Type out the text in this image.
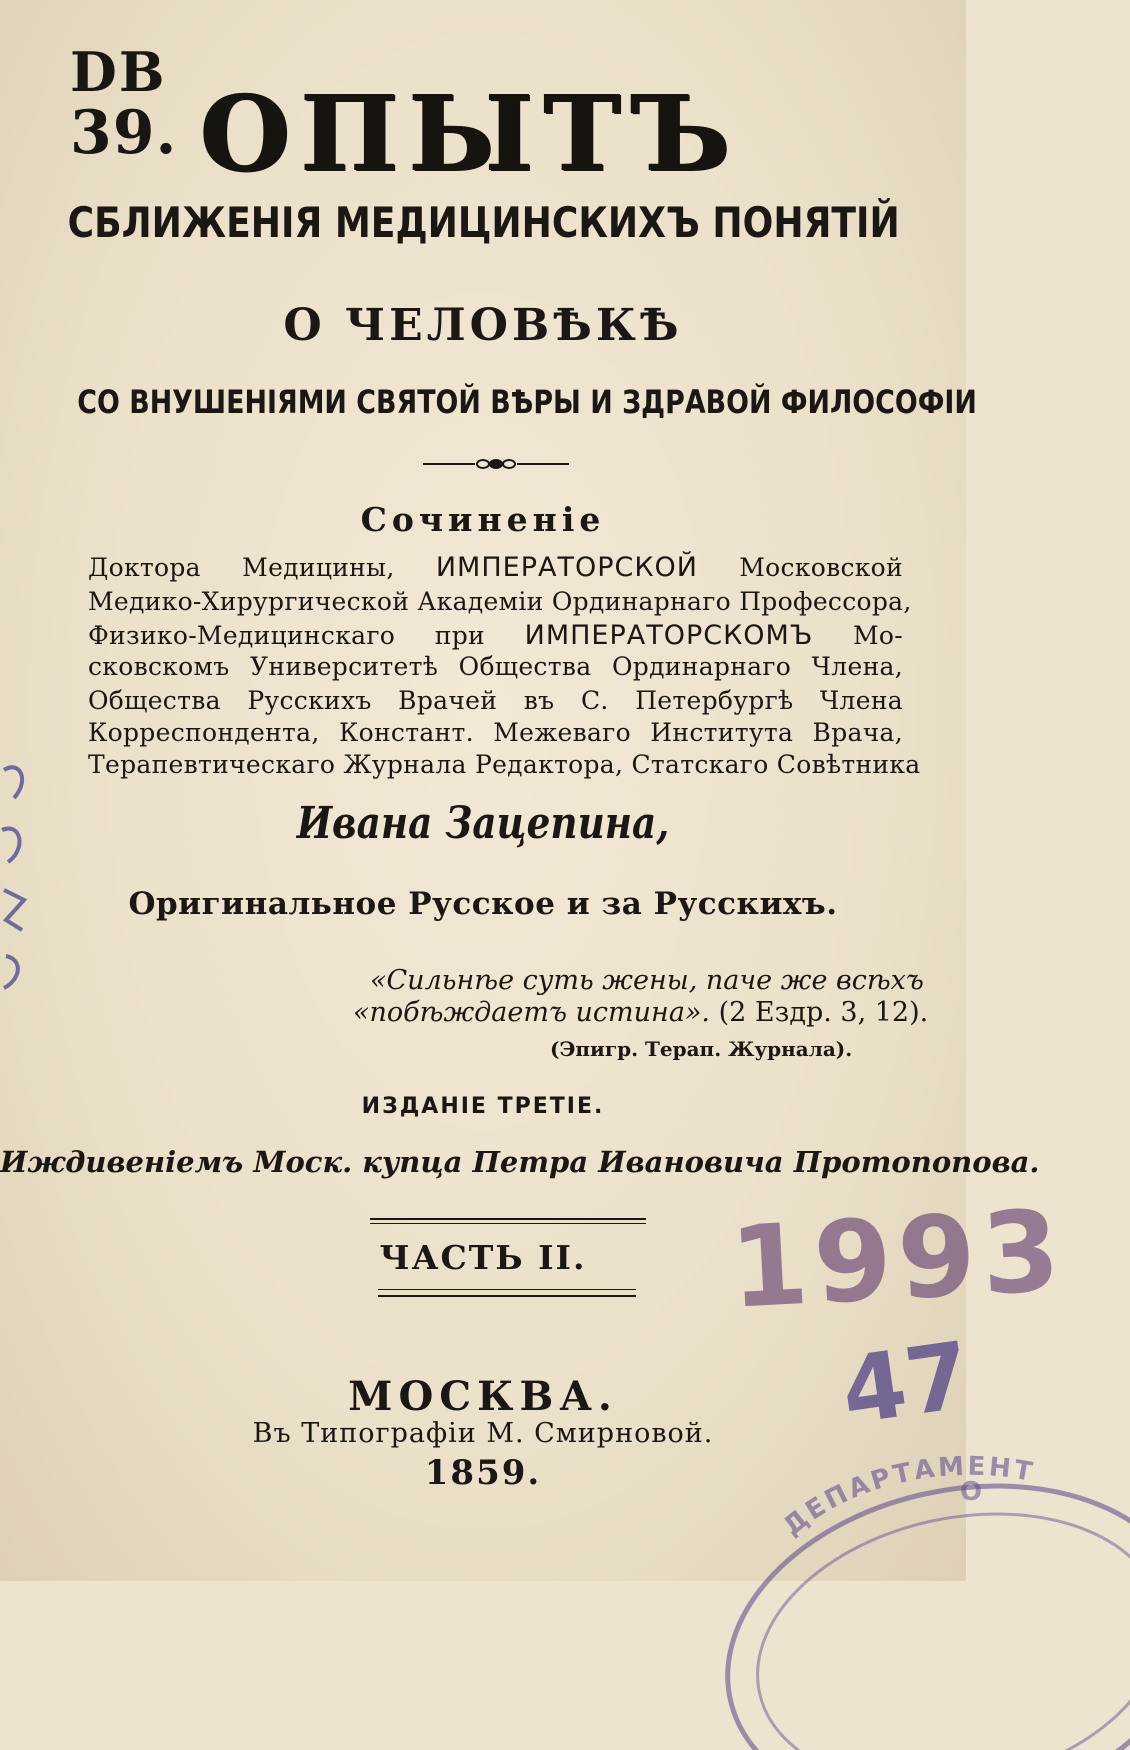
DB
39. ОПЫТЪ
СБЛИЖЕНІЯ МЕДИЦИНСКИХЪ ПОНЯТІЙ
О ЧЕЛОВѢКѢ
СО ВНУШЕНІЯМИ СВЯТОЙ ВѢРЫ И ЗДРАВОЙ ФИЛОСОФІИ
Сочиненіе
Доктора Медицины, ИМПЕРАТОРСКОЙ Московской
Медико-Хирургической Академіи Ординарнаго Профессора,
Физико-Медицинскаго при ИМПЕРАТОРСКОМЪ Мо-
сковскомъ Университетѣ Общества Ординарнаго Члена,
Общества Русскихъ Врачей въ С. Петербургѣ Члена
Корреспондента, Констант. Межеваго Института Врача,
Терапевтическаго Журнала Редактора, Статскаго Совѣтника
Ивана Зацепина,
Оригинальное Русское и за Русскихъ.
«Сильнѣе суть жены, паче же всѣхъ
«побѣждаетъ истина». (2 Ездр. 3, 12).
(Эпигр. Терап. Журнала).
ИЗДАНІЕ ТРЕТІЕ.
Иждивеніемъ Моск. купца Петра Ивановича Протопопова.
ЧАСТЬ II.
МОСКВА.
Въ Типографіи М. Смирновой.
1859.
1993
47
ДЕПАРТАМЕНТ
О
